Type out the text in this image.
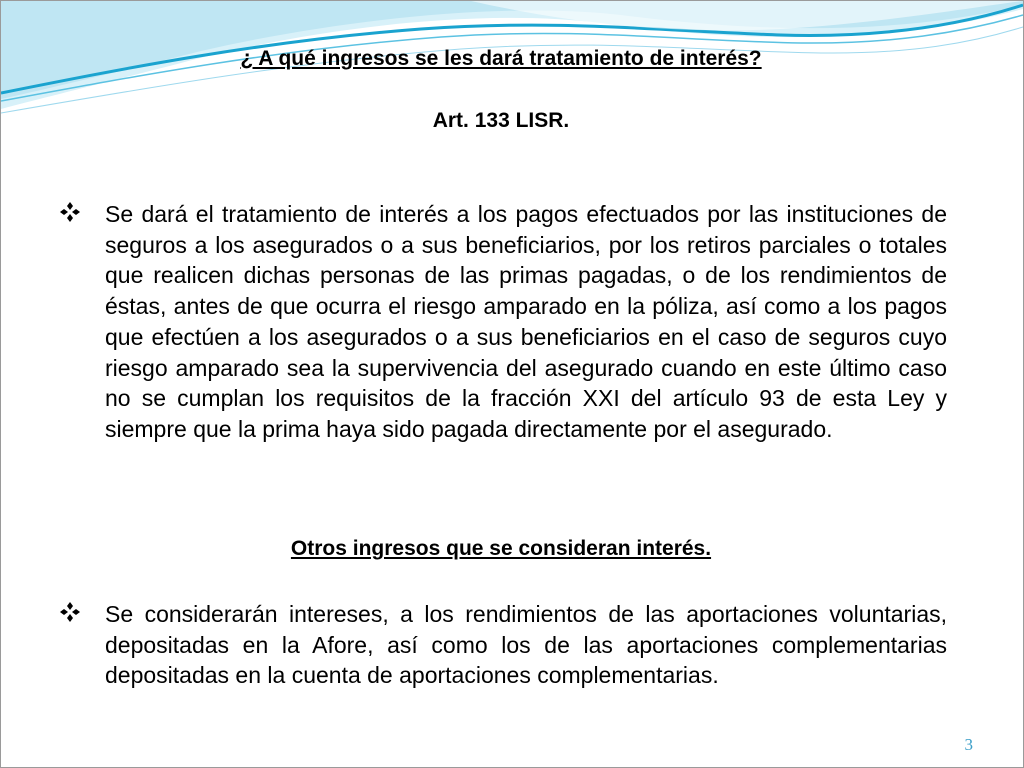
¿ A qué ingresos se les dará tratamiento de interés?

Art. 133 LISR.

Se dará el tratamiento de interés a los pagos efectuados por las instituciones de seguros a los asegurados o a sus beneficiarios, por los retiros parciales o totales que realicen dichas personas de las primas pagadas, o de los rendimientos de éstas, antes de que ocurra el riesgo amparado en la póliza, así como a los pagos que efectúen a los asegurados o a sus beneficiarios en el caso de seguros cuyo riesgo amparado sea la supervivencia del asegurado cuando en este último caso no se cumplan los requisitos de la fracción XXI del artículo 93 de esta Ley y siempre que la prima haya sido pagada directamente por el asegurado.

Otros ingresos que se consideran interés.

Se considerarán intereses, a los rendimientos de las aportaciones voluntarias, depositadas en la Afore, así como los de las aportaciones complementarias depositadas en la cuenta de aportaciones complementarias.

3
